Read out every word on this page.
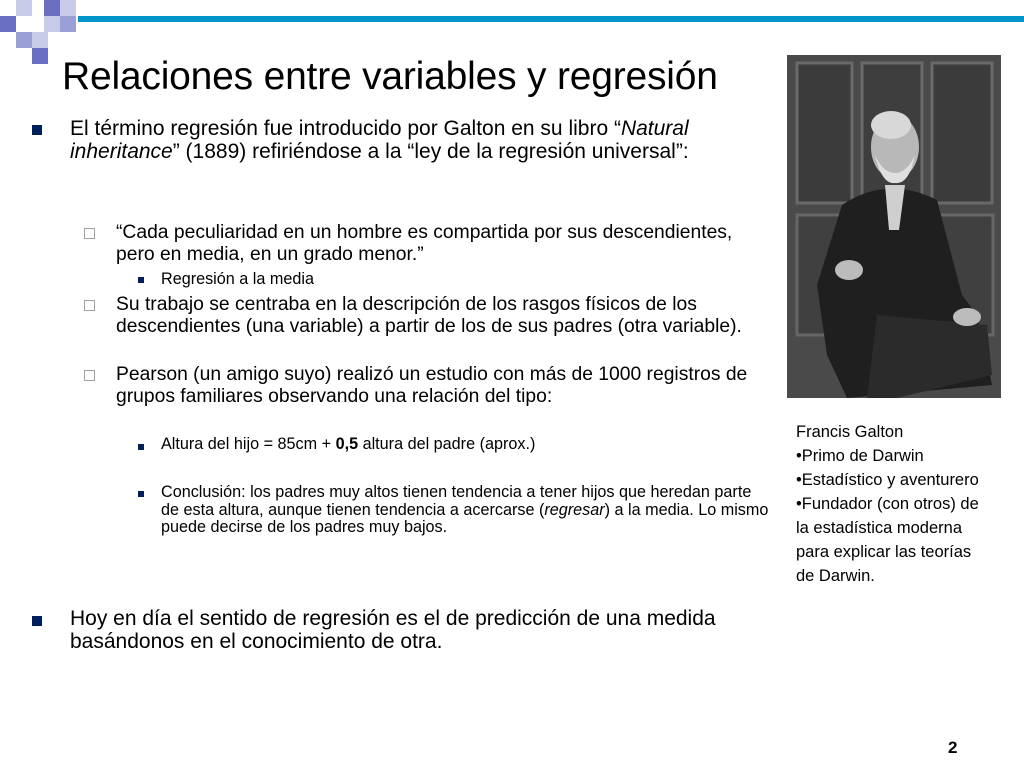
Relaciones entre variables y regresión
El término regresión fue introducido por Galton en su libro “Natural inheritance” (1889) refiriéndose a la “ley de la regresión universal”:
“Cada peculiaridad en un hombre es compartida por sus descendientes, pero en media, en un grado menor.”
Regresión a la media
Su trabajo se centraba en la descripción de los rasgos físicos de los descendientes (una variable) a partir de los de sus padres (otra variable).
Pearson (un amigo suyo) realizó un estudio con más de 1000 registros de grupos familiares observando una relación del tipo:
Altura del hijo = 85cm + 0,5 altura del padre (aprox.)
Conclusión: los padres muy altos tienen tendencia a tener hijos que heredan parte de esta altura, aunque tienen tendencia a acercarse (regresar) a la media. Lo mismo puede decirse de los padres muy bajos.
Hoy en día el sentido de regresión es el de predicción de una medida basándonos en el conocimiento de otra.
Francis Galton
•Primo de Darwin
•Estadístico y aventurero
•Fundador (con otros) de
la estadística moderna
para explicar las teorías
de Darwin.
2
